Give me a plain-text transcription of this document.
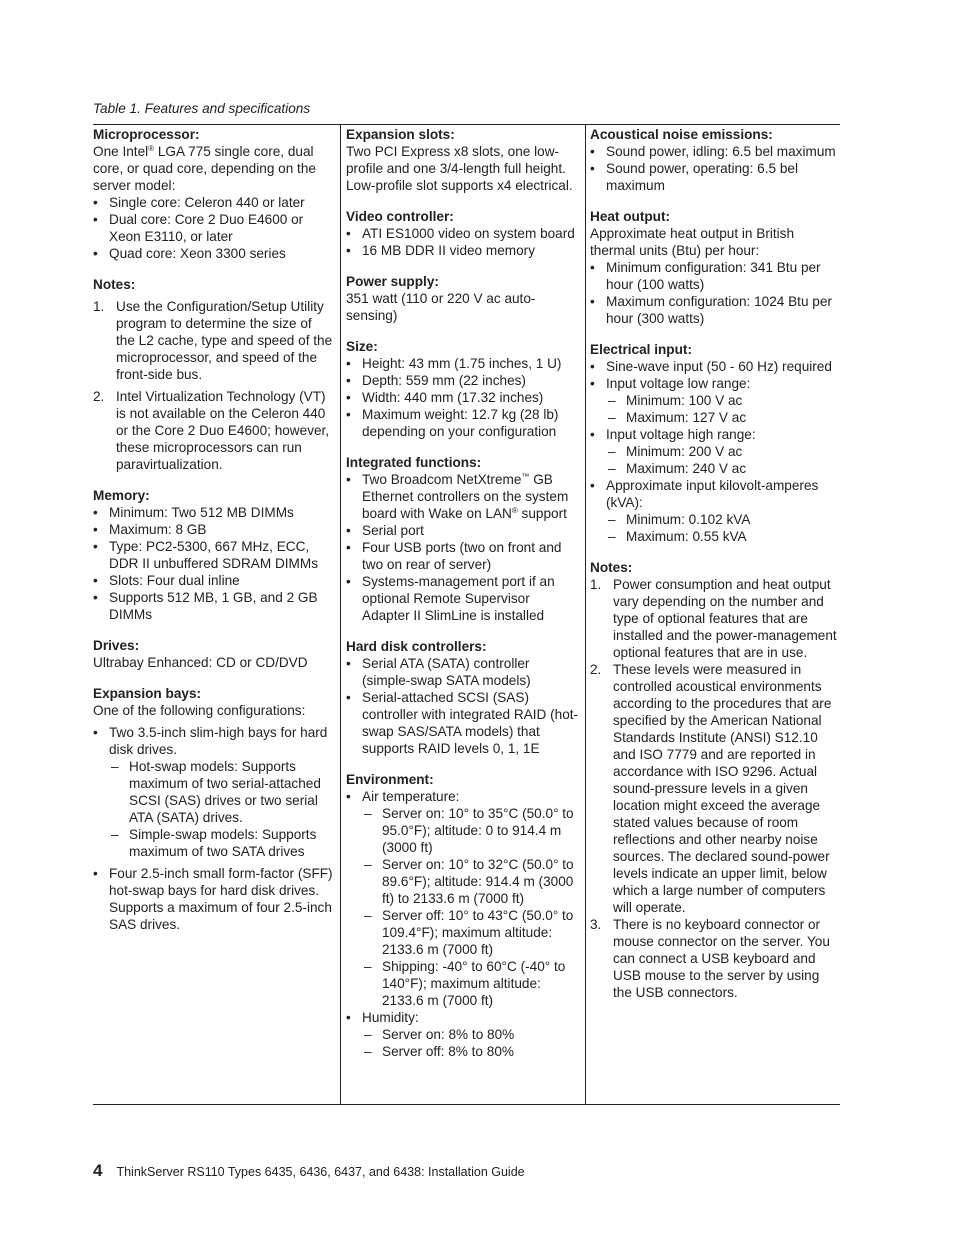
Table 1. Features and specifications
Microprocessor:

One Intel® LGA 775 single core, dual core, or quad core, depending on the server model:

• Single core: Celeron 440 or later
• Dual core: Core 2 Duo E4600 or Xeon E3110, or later
• Quad core: Xeon 3300 series
Notes:
1. Use the Configuration/Setup Utility program to determine the size of the L2 cache, type and speed of the microprocessor, and speed of the front-side bus.
2. Intel Virtualization Technology (VT) is not available on the Celeron 440 or the Core 2 Duo E4600; however, these microprocessors can run paravirtualization.
Memory:
• Minimum: Two 512 MB DIMMs
• Maximum: 8 GB
• Type: PC2-5300, 667 MHz, ECC, DDR II unbuffered SDRAM DIMMs
• Slots: Four dual inline
• Supports 512 MB, 1 GB, and 2 GB DIMMs
Drives:

Ultrabay Enhanced: CD or CD/DVD

Expansion bays:

One of the following configurations:

• Two 3.5-inch slim-high bays for hard disk drives.
– Hot-swap models: Supports maximum of two serial-attached SCSI (SAS) drives or two serial ATA (SATA) drives.
– Simple-swap models: Supports maximum of two SATA drives
• Four 2.5-inch small form-factor (SFF) hot-swap bays for hard disk drives. Supports a maximum of four 2.5-inch SAS drives.
Expansion slots:

Two PCI Express x8 slots, one low-profile and one 3/4-length full height. Low-profile slot supports x4 electrical.

Video controller:
• ATI ES1000 video on system board
• 16 MB DDR II video memory
Power supply:

351 watt (110 or 220 V ac auto-sensing)

Size:
• Height: 43 mm (1.75 inches, 1 U)
• Depth: 559 mm (22 inches)
• Width: 440 mm (17.32 inches)
• Maximum weight: 12.7 kg (28 lb) depending on your configuration
Integrated functions:
• Two Broadcom NetXtreme™ GB Ethernet controllers on the system board with Wake on LAN® support
• Serial port
• Four USB ports (two on front and two on rear of server)
• Systems-management port if an optional Remote Supervisor Adapter II SlimLine is installed
Hard disk controllers:
• Serial ATA (SATA) controller (simple-swap SATA models)
• Serial-attached SCSI (SAS) controller with integrated RAID (hot-swap SAS/SATA models) that supports RAID levels 0, 1, 1E
Environment:
• Air temperature:
– Server on: 10° to 35°C (50.0° to 95.0°F); altitude: 0 to 914.4 m (3000 ft)
– Server on: 10° to 32°C (50.0° to 89.6°F); altitude: 914.4 m (3000 ft) to 2133.6 m (7000 ft)
– Server off: 10° to 43°C (50.0° to 109.4°F); maximum altitude: 2133.6 m (7000 ft)
– Shipping: -40° to 60°C (-40° to 140°F); maximum altitude: 2133.6 m (7000 ft)
• Humidity:
– Server on: 8% to 80%
– Server off: 8% to 80%
Acoustical noise emissions:
• Sound power, idling: 6.5 bel maximum
• Sound power, operating: 6.5 bel maximum
Heat output:

Approximate heat output in British thermal units (Btu) per hour:

• Minimum configuration: 341 Btu per hour (100 watts)
• Maximum configuration: 1024 Btu per hour (300 watts)
Electrical input:
• Sine-wave input (50 - 60 Hz) required
• Input voltage low range:
– Minimum: 100 V ac
– Maximum: 127 V ac
• Input voltage high range:
– Minimum: 200 V ac
– Maximum: 240 V ac
• Approximate input kilovolt-amperes (kVA):
– Minimum: 0.102 kVA
– Maximum: 0.55 kVA
Notes:
1. Power consumption and heat output vary depending on the number and type of optional features that are installed and the power-management optional features that are in use.
2. These levels were measured in controlled acoustical environments according to the procedures that are specified by the American National Standards Institute (ANSI) S12.10 and ISO 7779 and are reported in accordance with ISO 9296. Actual sound-pressure levels in a given location might exceed the average stated values because of room reflections and other nearby noise sources. The declared sound-power levels indicate an upper limit, below which a large number of computers will operate.
3. There is no keyboard connector or mouse connector on the server. You can connect a USB keyboard and USB mouse to the server by using the USB connectors.
4 ThinkServer RS110 Types 6435, 6436, 6437, and 6438: Installation Guide
